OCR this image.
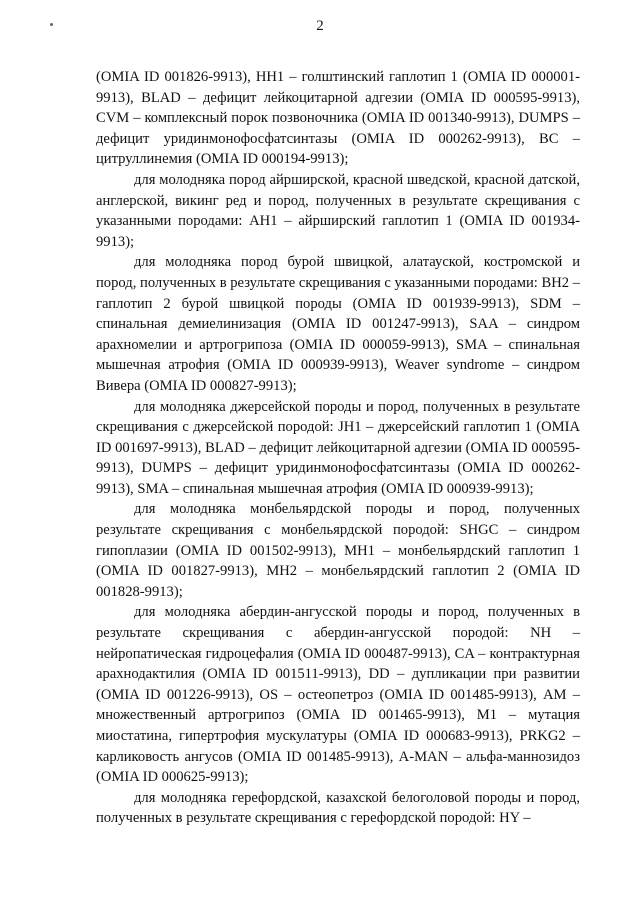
2

(OMIA ID 001826-9913), HH1 – голштинский гаплотип 1 (OMIA ID 000001-9913), BLAD – дефицит лейкоцитарной адгезии (OMIA ID 000595-9913), CVM – комплексный порок позвоночника (OMIA ID 001340-9913), DUMPS – дефицит уридинмонофосфатсинтазы (OMIA ID 000262-9913), BC – цитруллинемия (OMIA ID 000194-9913);

для молодняка пород айрширской, красной шведской, красной датской, англерской, викинг ред и пород, полученных в результате скрещивания с указанными породами: AH1 – айрширский гаплотип 1 (OMIA ID 001934-9913);

для молодняка пород бурой швицкой, алатауской, костромской и пород, полученных в результате скрещивания с указанными породами: BH2 – гаплотип 2 бурой швицкой породы (OMIA ID 001939-9913), SDM – спинальная демиелинизация (OMIA ID 001247-9913), SAA – синдром арахномелии и артрогрипоза (OMIA ID 000059-9913), SMA – спинальная мышечная атрофия (OMIA ID 000939-9913), Weaver syndrome – синдром Вивера (OMIA ID 000827-9913);

для молодняка джерсейской породы и пород, полученных в результате скрещивания с джерсейской породой: JH1 – джерсейский гаплотип 1 (OMIA ID 001697-9913), BLAD – дефицит лейкоцитарной адгезии (OMIA ID 000595-9913), DUMPS – дефицит уридинмонофосфатсинтазы (OMIA ID 000262-9913), SMA – спинальная мышечная атрофия (OMIA ID 000939-9913);

для молодняка монбельярдской породы и пород, полученных результате скрещивания с монбельярдской породой: SHGC – синдром гипоплазии (OMIA ID 001502-9913), MH1 – монбельярдский гаплотип 1 (OMIA ID 001827-9913), MH2 – монбельярдский гаплотип 2 (OMIA ID 001828-9913);

для молодняка абердин-ангусской породы и пород, полученных в результате скрещивания с абердин-ангусской породой: NH – нейропатическая гидроцефалия (OMIA ID 000487-9913), CA – контрактурная арахнодактилия (OMIA ID 001511-9913), DD – дупликации при развитии (OMIA ID 001226-9913), OS – остеопетроз (OMIA ID 001485-9913), AM – множественный артрогрипоз (OMIA ID 001465-9913), M1 – мутация миостатина, гипертрофия мускулатуры (OMIA ID 000683-9913), PRKG2 – карликовость ангусов (OMIA ID 001485-9913), A-MAN – альфа-маннозидоз (OMIA ID 000625-9913);

для молодняка герефордской, казахской белоголовой породы и пород, полученных в результате скрещивания с герефордской породой: HY –
